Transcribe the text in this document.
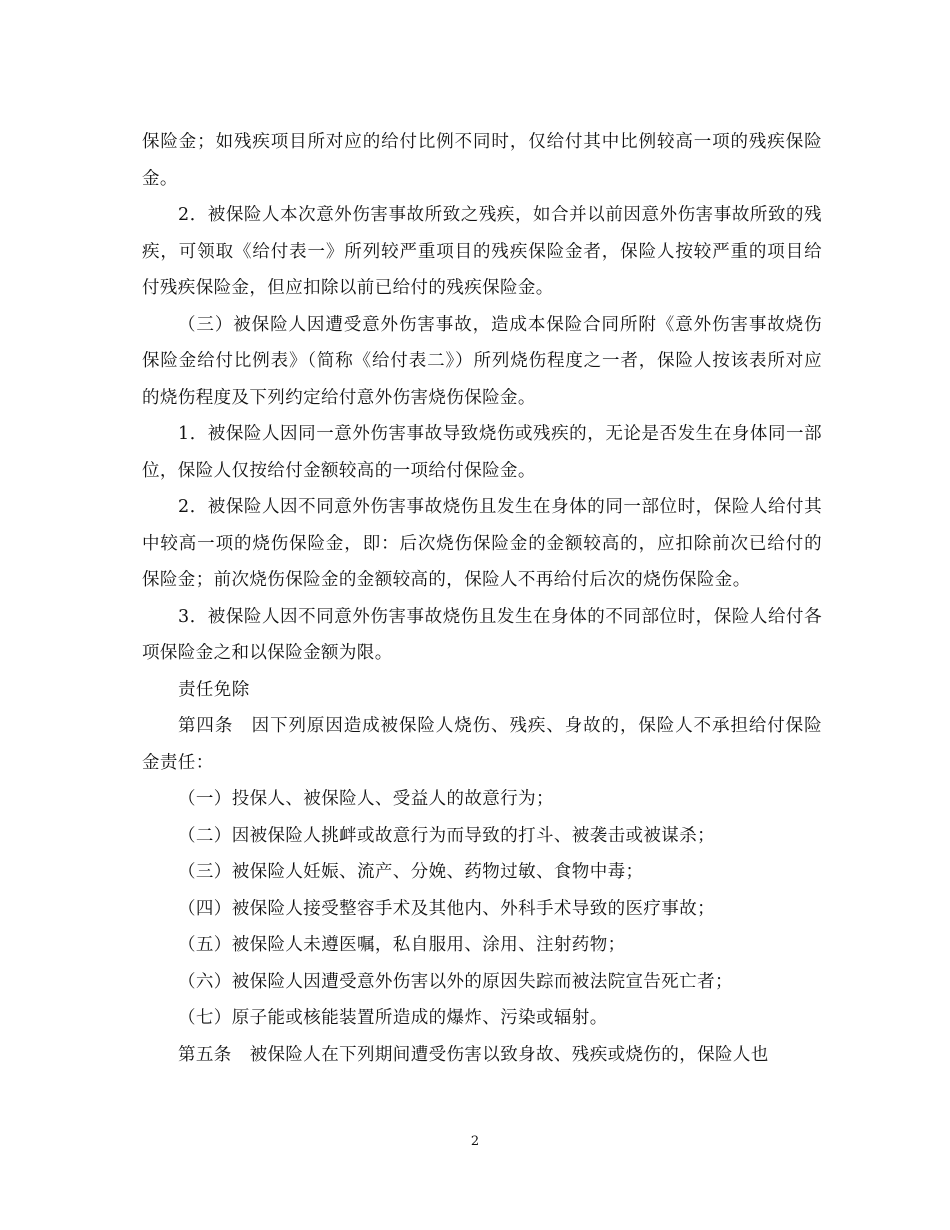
保险金；如残疾项目所对应的给付比例不同时，仅给付其中比例较高一项的残疾保险金。

2．被保险人本次意外伤害事故所致之残疾，如合并以前因意外伤害事故所致的残疾，可领取《给付表一》所列较严重项目的残疾保险金者，保险人按较严重的项目给付残疾保险金，但应扣除以前已给付的残疾保险金。

（三）被保险人因遭受意外伤害事故，造成本保险合同所附《意外伤害事故烧伤保险金给付比例表》（简称《给付表二》）所列烧伤程度之一者，保险人按该表所对应的烧伤程度及下列约定给付意外伤害烧伤保险金。

1．被保险人因同一意外伤害事故导致烧伤或残疾的，无论是否发生在身体同一部位，保险人仅按给付金额较高的一项给付保险金。

2．被保险人因不同意外伤害事故烧伤且发生在身体的同一部位时，保险人给付其中较高一项的烧伤保险金，即：后次烧伤保险金的金额较高的，应扣除前次已给付的保险金；前次烧伤保险金的金额较高的，保险人不再给付后次的烧伤保险金。

3．被保险人因不同意外伤害事故烧伤且发生在身体的不同部位时，保险人给付各项保险金之和以保险金额为限。

责任免除

第四条　因下列原因造成被保险人烧伤、残疾、身故的，保险人不承担给付保险金责任：

（一）投保人、被保险人、受益人的故意行为；

（二）因被保险人挑衅或故意行为而导致的打斗、被袭击或被谋杀；

（三）被保险人妊娠、流产、分娩、药物过敏、食物中毒；

（四）被保险人接受整容手术及其他内、外科手术导致的医疗事故；

（五）被保险人未遵医嘱，私自服用、涂用、注射药物；

（六）被保险人因遭受意外伤害以外的原因失踪而被法院宣告死亡者；

（七）原子能或核能装置所造成的爆炸、污染或辐射。

第五条　被保险人在下列期间遭受伤害以致身故、残疾或烧伤的，保险人也

2
